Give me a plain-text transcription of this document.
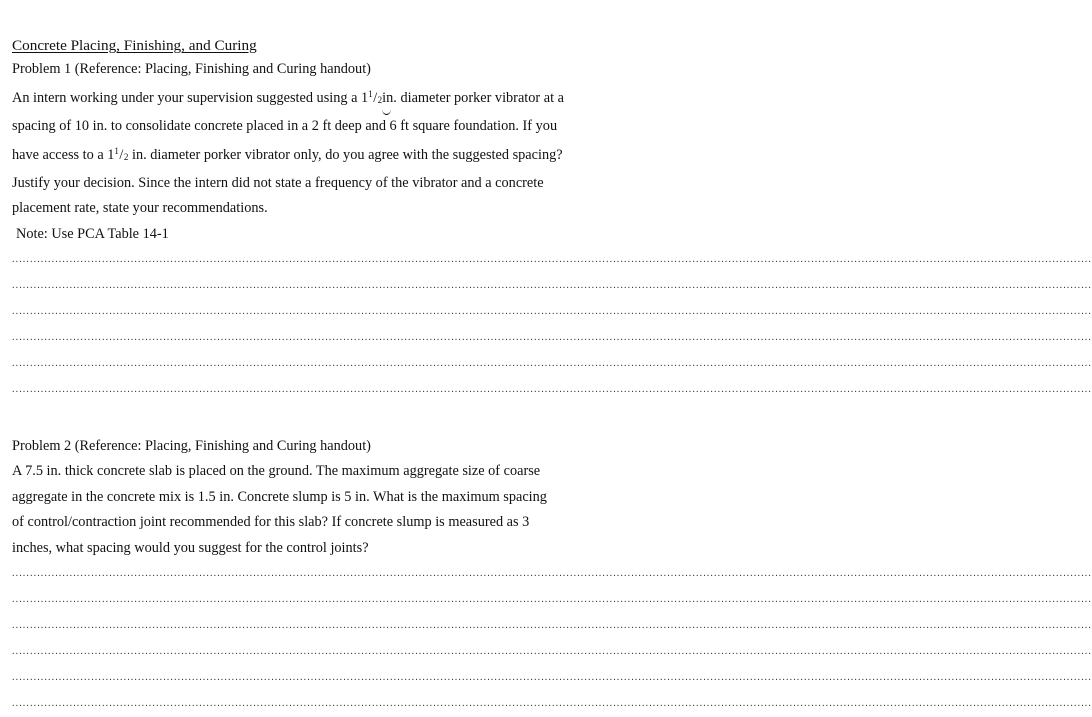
Concrete Placing, Finishing, and Curing

Problem 1 (Reference: Placing, Finishing and Curing handout)

An intern working under your supervision suggested using a $1^1/_2in$. diameter porker vibrator at a

spacing of 10 in. to consolidate concrete placed in a 2 ft deep and 6 ft square foundation. If you

have access to a $1^1/_2$ in. diameter porker vibrator only, do you agree with the suggested spacing?

Justify your decision. Since the intern did not state a frequency of the vibrator and a concrete

placement rate, state your recommendations.

Note: Use PCA Table 14-1

............................................................................................................................................................................................................................................................................................................
............................................................................................................................................................................................................................................................................................................
............................................................................................................................................................................................................................................................................................................
............................................................................................................................................................................................................................................................................................................
............................................................................................................................................................................................................................................................................................................
............................................................................................................................................................................................................................................................................................................

Problem 2 (Reference: Placing, Finishing and Curing handout)

A 7.5 in. thick concrete slab is placed on the ground. The maximum aggregate size of coarse

aggregate in the concrete mix is 1.5 in. Concrete slump is 5 in. What is the maximum spacing

of control/contraction joint recommended for this slab? If concrete slump is measured as 3

inches, what spacing would you suggest for the control joints?

............................................................................................................................................................................................................................................................................................................
............................................................................................................................................................................................................................................................................................................
............................................................................................................................................................................................................................................................................................................
............................................................................................................................................................................................................................................................................................................
............................................................................................................................................................................................................................................................................................................
............................................................................................................................................................................................................................................................................................................
